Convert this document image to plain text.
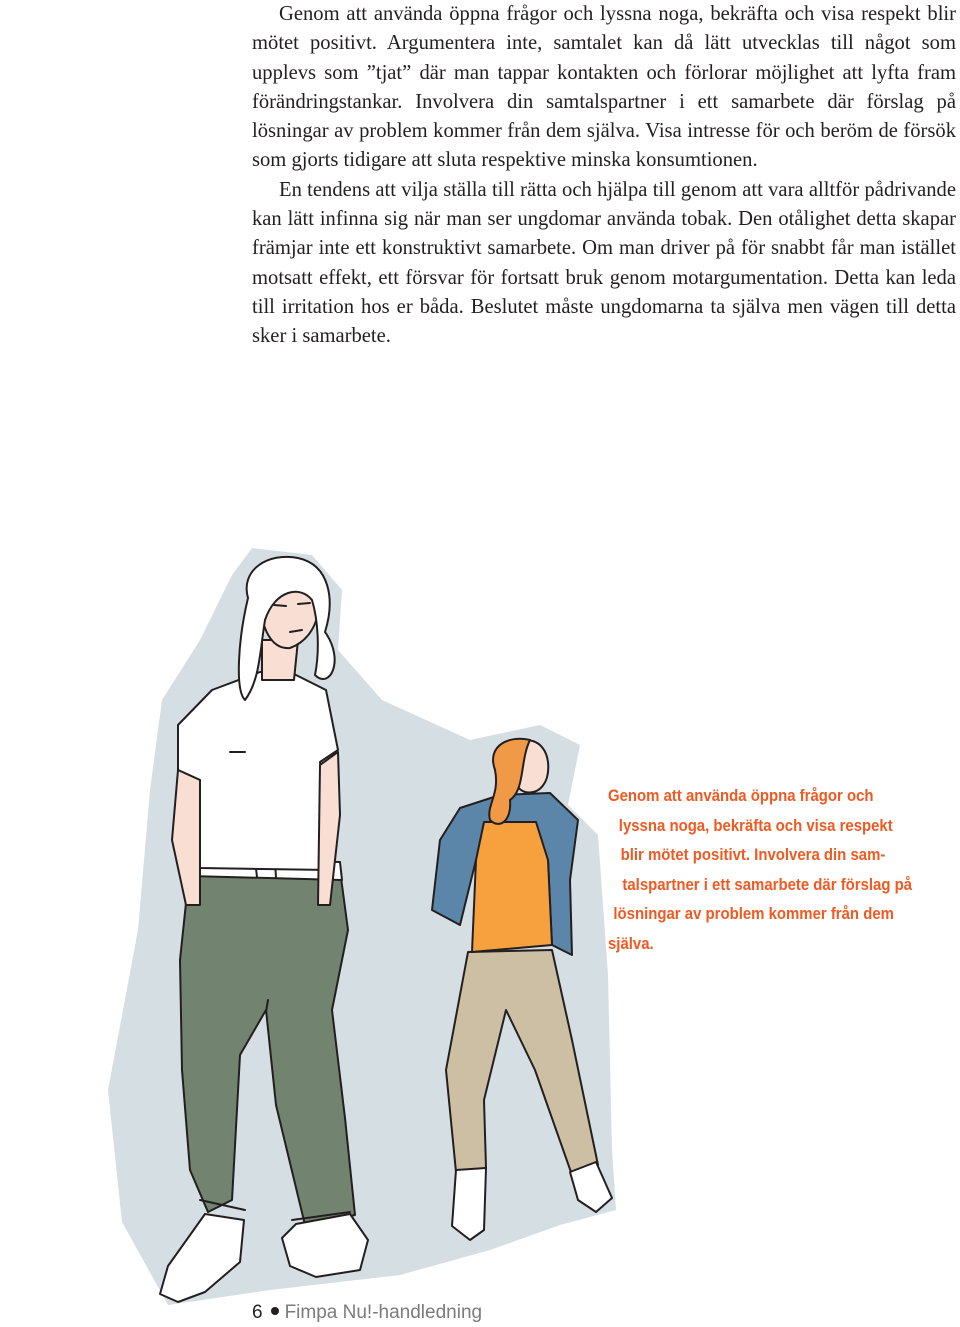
Genom att använda öppna frågor och lyssna noga, bekräfta och visa respekt blir mötet positivt. Argumentera inte, samtalet kan då lätt utvecklas till något som upplevs som ”tjat” där man tappar kontakten och förlorar möjlighet att lyfta fram förändringstankar. Involvera din samtalspartner i ett samarbete där förslag på lösningar av problem kommer från dem själva. Visa intresse för och beröm de försök som gjorts tidigare att sluta respektive minska konsumtionen.

En tendens att vilja ställa till rätta och hjälpa till genom att vara alltför pådrivande kan lätt infinna sig när man ser ungdomar använda tobak. Den otålighet detta skapar främjar inte ett konstruktivt samarbete. Om man driver på för snabbt får man istället motsatt effekt, ett försvar för fortsatt bruk genom motargumentation. Detta kan leda till irritation hos er båda. Beslutet måste ungdomarna ta själva men vägen till detta sker i samarbete.

Genom att använda öppna frågor och
lyssna noga, bekräfta och visa respekt
blir mötet positivt. Involvera din sam-
talspartner i ett samarbete där förslag på
lösningar av problem kommer från dem
själva.
6 Fimpa Nu!-handledning
